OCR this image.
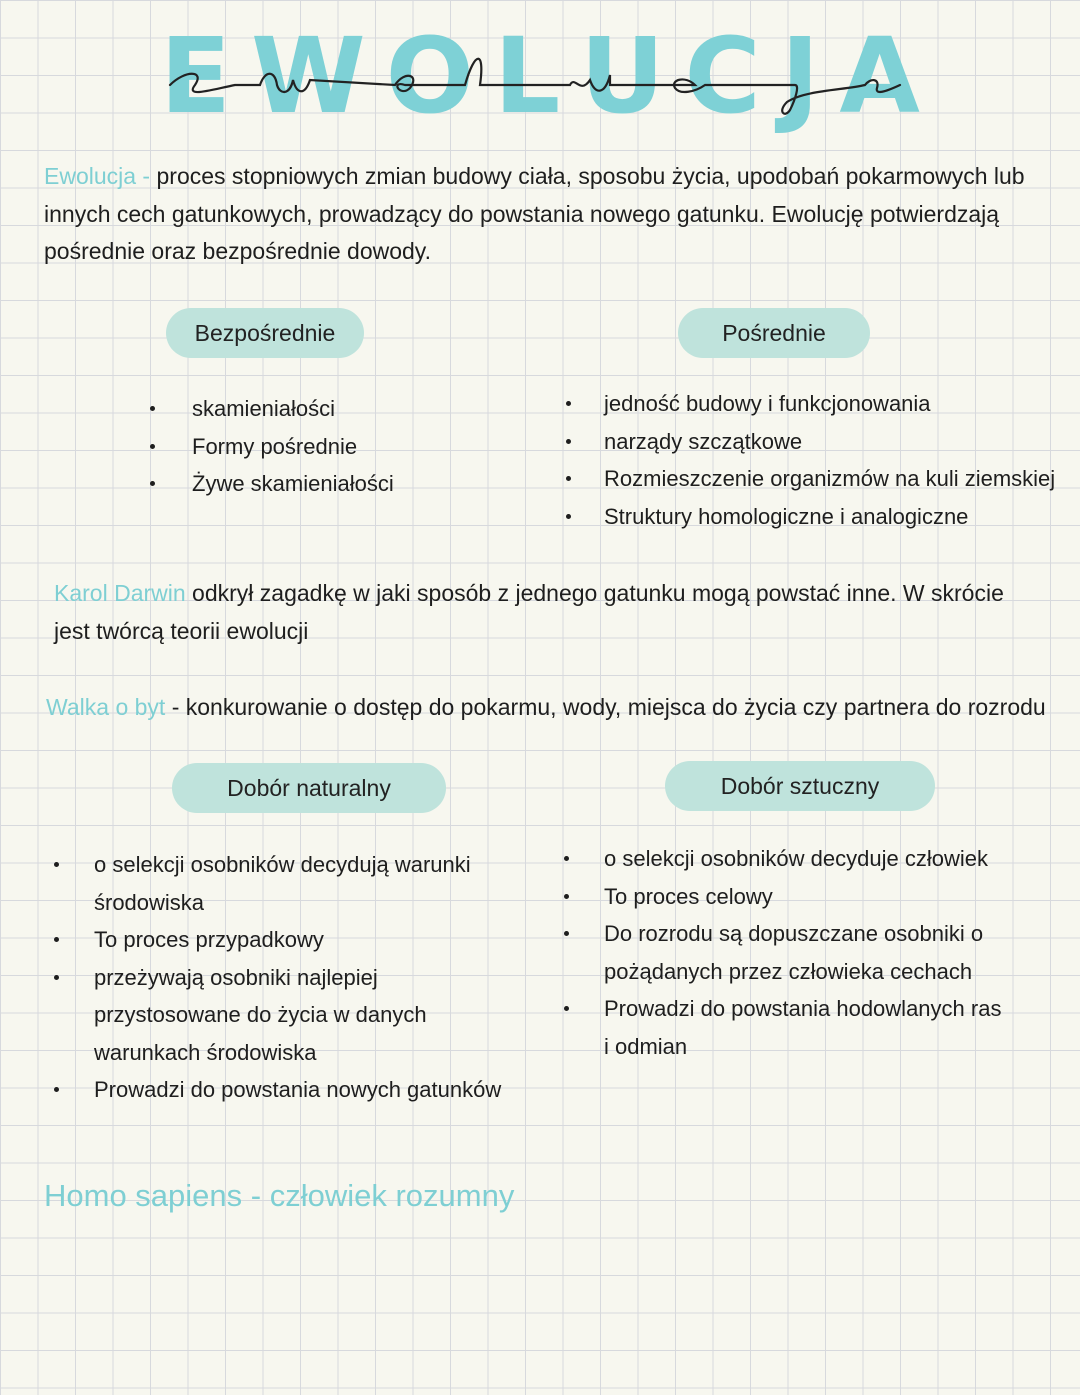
E W O L U C J A
Ewolucja - proces stopniowych zmian budowy ciała, sposobu życia, upodobań pokarmowych lub innych cech gatunkowych, prowadzący do powstania nowego gatunku. Ewolucję potwierdzają pośrednie oraz bezpośrednie dowody.
Bezpośrednie	Pośrednie
skamieniałości
Formy pośrednie
Żywe skamieniałości
jedność budowy i funkcjonowania
narządy szczątkowe
Rozmieszczenie organizmów na kuli ziemskiej
Struktury homologiczne i analogiczne
Karol Darwin odkrył zagadkę w jaki sposób z jednego gatunku mogą powstać inne. W skrócie jest twórcą teorii ewolucji
Walka o byt - konkurowanie o dostęp do pokarmu, wody, miejsca do życia czy partnera do rozrodu
Dobór naturalny	Dobór sztuczny
o selekcji osobników decydują warunki środowiska
To proces przypadkowy
przeżywają osobniki najlepiej przystosowane do życia w danych warunkach środowiska
Prowadzi do powstania nowych gatunków
o selekcji osobników decyduje człowiek
To proces celowy
Do rozrodu są dopuszczane osobniki o pożądanych przez człowieka cechach
Prowadzi do powstania hodowlanych ras i odmian
Homo sapiens - człowiek rozumny
